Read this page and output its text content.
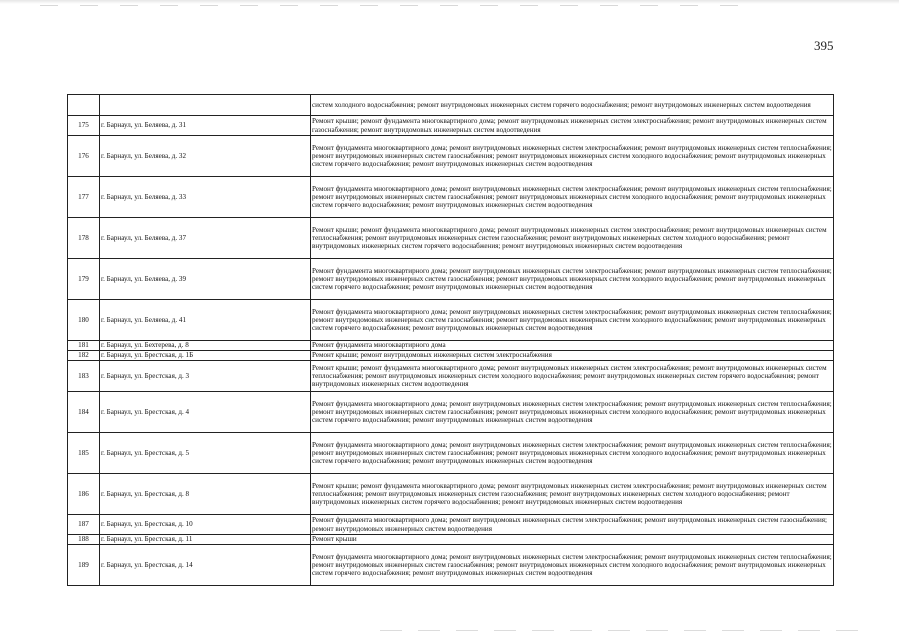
395
		систем холодного водоснабжения; ремонт внутридомовых инженерных систем горячего водоснабжения; ремонт внутридомовых инженерных систем водоотведения
175	г. Барнаул, ул. Беляева, д. 31	Ремонт крыши; ремонт фундамента многоквартирного дома; ремонт внутридомовых инженерных систем электроснабжения; ремонт внутридомовых инженерных систем газоснабжения; ремонт внутридомовых инженерных систем водоотведения
176	г. Барнаул, ул. Беляева, д. 32	Ремонт фундамента многоквартирного дома; ремонт внутридомовых инженерных систем электроснабжения; ремонт внутридомовых инженерных систем теплоснабжения; ремонт внутридомовых инженерных систем газоснабжения; ремонт внутридомовых инженерных систем холодного водоснабжения; ремонт внутридомовых инженерных систем горячего водоснабжения; ремонт внутридомовых инженерных систем водоотведения
177	г. Барнаул, ул. Беляева, д. 33	Ремонт фундамента многоквартирного дома; ремонт внутридомовых инженерных систем электроснабжения; ремонт внутридомовых инженерных систем теплоснабжения; ремонт внутридомовых инженерных систем газоснабжения; ремонт внутридомовых инженерных систем холодного водоснабжения; ремонт внутридомовых инженерных систем горячего водоснабжения; ремонт внутридомовых инженерных систем водоотведения
178	г. Барнаул, ул. Беляева, д. 37	Ремонт крыши; ремонт фундамента многоквартирного дома; ремонт внутридомовых инженерных систем электроснабжения; ремонт внутридомовых инженерных систем теплоснабжения; ремонт внутридомовых инженерных систем газоснабжения; ремонт внутридомовых инженерных систем холодного водоснабжения; ремонт внутридомовых инженерных систем горячего водоснабжения; ремонт внутридомовых инженерных систем водоотведения
179	г. Барнаул, ул. Беляева, д. 39	Ремонт фундамента многоквартирного дома; ремонт внутридомовых инженерных систем электроснабжения; ремонт внутридомовых инженерных систем теплоснабжения; ремонт внутридомовых инженерных систем газоснабжения; ремонт внутридомовых инженерных систем холодного водоснабжения; ремонт внутридомовых инженерных систем горячего водоснабжения; ремонт внутридомовых инженерных систем водоотведения
180	г. Барнаул, ул. Беляева, д. 41	Ремонт фундамента многоквартирного дома; ремонт внутридомовых инженерных систем электроснабжения; ремонт внутридомовых инженерных систем теплоснабжения; ремонт внутридомовых инженерных систем газоснабжения; ремонт внутридомовых инженерных систем холодного водоснабжения; ремонт внутридомовых инженерных систем горячего водоснабжения; ремонт внутридомовых инженерных систем водоотведения
181	г. Барнаул, ул. Бехтерева, д. 8	Ремонт фундамента многоквартирного дома
182	г. Барнаул, ул. Брестская, д. 1Б	Ремонт крыши; ремонт внутридомовых инженерных систем электроснабжения
183	г. Барнаул, ул. Брестская, д. 3	Ремонт крыши; ремонт фундамента многоквартирного дома; ремонт внутридомовых инженерных систем электроснабжения; ремонт внутридомовых инженерных систем теплоснабжения; ремонт внутридомовых инженерных систем холодного водоснабжения; ремонт внутридомовых инженерных систем горячего водоснабжения; ремонт внутридомовых инженерных систем водоотведения
184	г. Барнаул, ул. Брестская, д. 4	Ремонт фундамента многоквартирного дома; ремонт внутридомовых инженерных систем электроснабжения; ремонт внутридомовых инженерных систем теплоснабжения; ремонт внутридомовых инженерных систем газоснабжения; ремонт внутридомовых инженерных систем холодного водоснабжения; ремонт внутридомовых инженерных систем горячего водоснабжения; ремонт внутридомовых инженерных систем водоотведения
185	г. Барнаул, ул. Брестская, д. 5	Ремонт фундамента многоквартирного дома; ремонт внутридомовых инженерных систем электроснабжения; ремонт внутридомовых инженерных систем теплоснабжения; ремонт внутридомовых инженерных систем газоснабжения; ремонт внутридомовых инженерных систем холодного водоснабжения; ремонт внутридомовых инженерных систем горячего водоснабжения; ремонт внутридомовых инженерных систем водоотведения
186	г. Барнаул, ул. Брестская, д. 8	Ремонт крыши; ремонт фундамента многоквартирного дома; ремонт внутридомовых инженерных систем электроснабжения; ремонт внутридомовых инженерных систем теплоснабжения; ремонт внутридомовых инженерных систем газоснабжения; ремонт внутридомовых инженерных систем холодного водоснабжения; ремонт внутридомовых инженерных систем горячего водоснабжения; ремонт внутридомовых инженерных систем водоотведения
187	г. Барнаул, ул. Брестская, д. 10	Ремонт фундамента многоквартирного дома; ремонт внутридомовых инженерных систем электроснабжения; ремонт внутридомовых инженерных систем газоснабжения; ремонт внутридомовых инженерных систем водоотведения
188	г. Барнаул, ул. Брестская, д. 11	Ремонт крыши
189	г. Барнаул, ул. Брестская, д. 14	Ремонт фундамента многоквартирного дома; ремонт внутридомовых инженерных систем электроснабжения; ремонт внутридомовых инженерных систем теплоснабжения; ремонт внутридомовых инженерных систем газоснабжения; ремонт внутридомовых инженерных систем холодного водоснабжения; ремонт внутридомовых инженерных систем горячего водоснабжения; ремонт внутридомовых инженерных систем водоотведения
